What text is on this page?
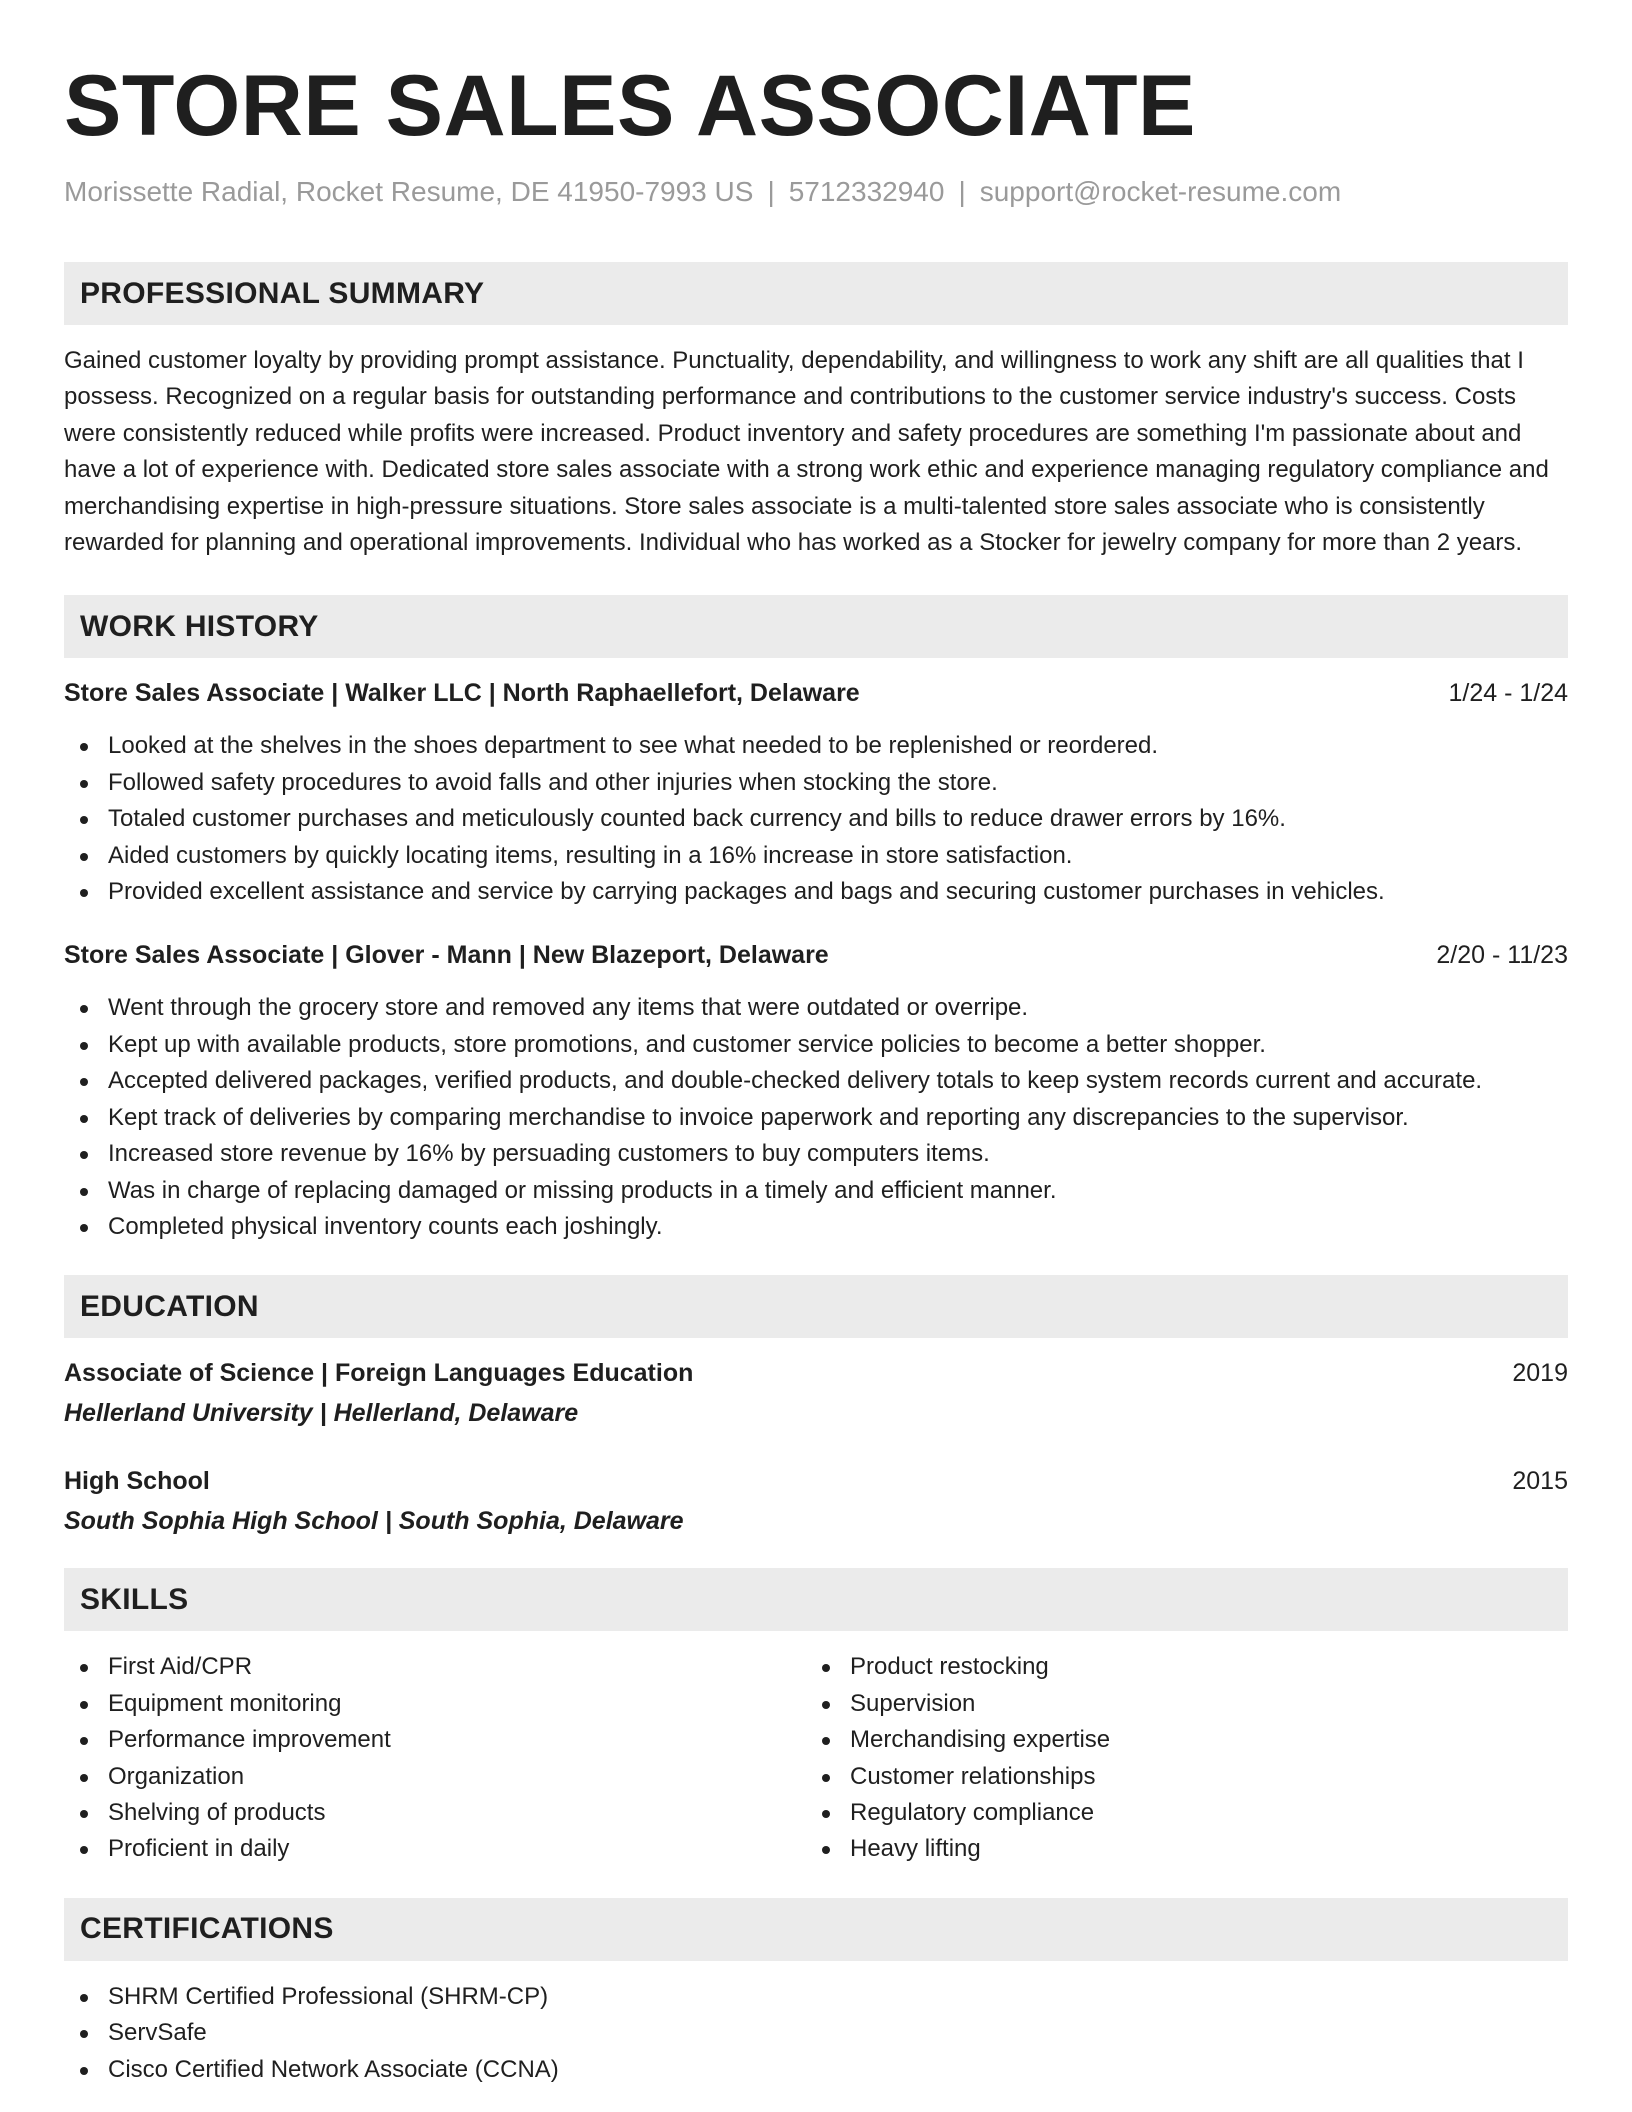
STORE SALES ASSOCIATE
Morissette Radial, Rocket Resume, DE 41950-7993 US | 5712332940 | support@rocket-resume.com
PROFESSIONAL SUMMARY

Gained customer loyalty by providing prompt assistance. Punctuality, dependability, and willingness to work any shift are all qualities that I possess. Recognized on a regular basis for outstanding performance and contributions to the customer service industry's success. Costs were consistently reduced while profits were increased. Product inventory and safety procedures are something I'm passionate about and have a lot of experience with. Dedicated store sales associate with a strong work ethic and experience managing regulatory compliance and merchandising expertise in high-pressure situations. Store sales associate is a multi-talented store sales associate who is consistently rewarded for planning and operational improvements. Individual who has worked as a Stocker for jewelry company for more than 2 years.

WORK HISTORY
Store Sales Associate | Walker LLC | North Raphaellefort, Delaware	1/24 - 1/24
Looked at the shelves in the shoes department to see what needed to be replenished or reordered.
Followed safety procedures to avoid falls and other injuries when stocking the store.
Totaled customer purchases and meticulously counted back currency and bills to reduce drawer errors by 16%.
Aided customers by quickly locating items, resulting in a 16% increase in store satisfaction.
Provided excellent assistance and service by carrying packages and bags and securing customer purchases in vehicles.
Store Sales Associate | Glover - Mann | New Blazeport, Delaware	2/20 - 11/23
Went through the grocery store and removed any items that were outdated or overripe.
Kept up with available products, store promotions, and customer service policies to become a better shopper.
Accepted delivered packages, verified products, and double-checked delivery totals to keep system records current and accurate.
Kept track of deliveries by comparing merchandise to invoice paperwork and reporting any discrepancies to the supervisor.
Increased store revenue by 16% by persuading customers to buy computers items.
Was in charge of replacing damaged or missing products in a timely and efficient manner.
Completed physical inventory counts each joshingly.
EDUCATION
Associate of Science | Foreign Languages Education	2019
Hellerland University | Hellerland, Delaware
High School	2015
South Sophia High School | South Sophia, Delaware
SKILLS
First Aid/CPR
Equipment monitoring
Performance improvement
Organization
Shelving of products
Proficient in daily
Product restocking
Supervision
Merchandising expertise
Customer relationships
Regulatory compliance
Heavy lifting
CERTIFICATIONS
SHRM Certified Professional (SHRM-CP)
ServSafe
Cisco Certified Network Associate (CCNA)
